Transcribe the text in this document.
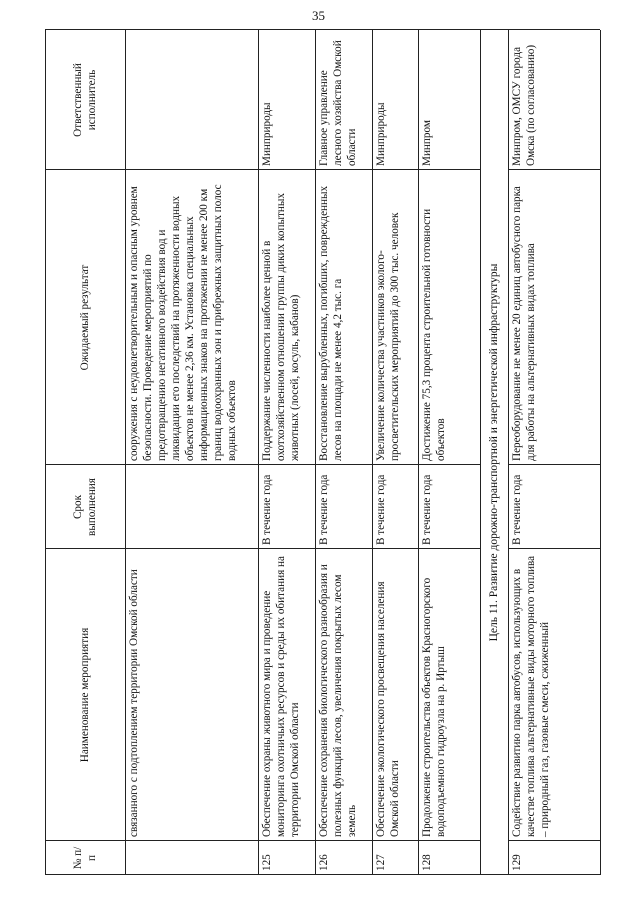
35
№ п/п
Наименование мероприятия
Срок выполнения
Ожидаемый результат
Ответственный исполнитель
связанного с подтоплением территории Омской области
сооружения с неудовлетворительным и опасным уровнем безопасности. Проведение мероприятий по предотвращению негативного воздействия вод и ликвидации его последствий на протяженности водных объектов не менее 2,36 км. Установка специальных информационных знаков на протяжении не менее 200 км границ водоохранных зон и прибрежных защитных полос водных объектов
125
Обеспечение охраны животного мира и проведение мониторинга охотничьих ресурсов и среды их обитания на территории Омской области
В течение года
Поддержание численности наиболее ценной в охотхозяйственном отношении группы диких копытных животных (лосей, косуль, кабанов)
Минприроды
126
Обеспечение сохранения биологического разнообразия и полезных функций лесов, увеличения покрытых лесом земель
В течение года
Восстановление вырубленных, погибших, поврежденных лесов на площади не менее 4,2 тыс. га
Главное управление лесного хозяйства Омской области
127
Обеспечение экологического просвещения населения Омской области
В течение года
Увеличение количества участников эколого-просветительских мероприятий до 300 тыс. человек
Минприроды
128
Продолжение строительства объектов Красногорского водоподъемного гидроузла на р. Иртыш
В течение года
Достижение 75,3 процента строительной готовности объектов
Минпром
Цель 11. Развитие дорожно-транспортной и энергетической инфраструктуры
129
Содействие развитию парка автобусов, использующих в качестве топлива альтернативные виды моторного топлива – природный газ, газовые смеси, сжиженный
В течение года
Переоборудование не менее 20 единиц автобусного парка для работы на альтернативных видах топлива
Минпром, ОМСУ города Омска (по согласованию)
